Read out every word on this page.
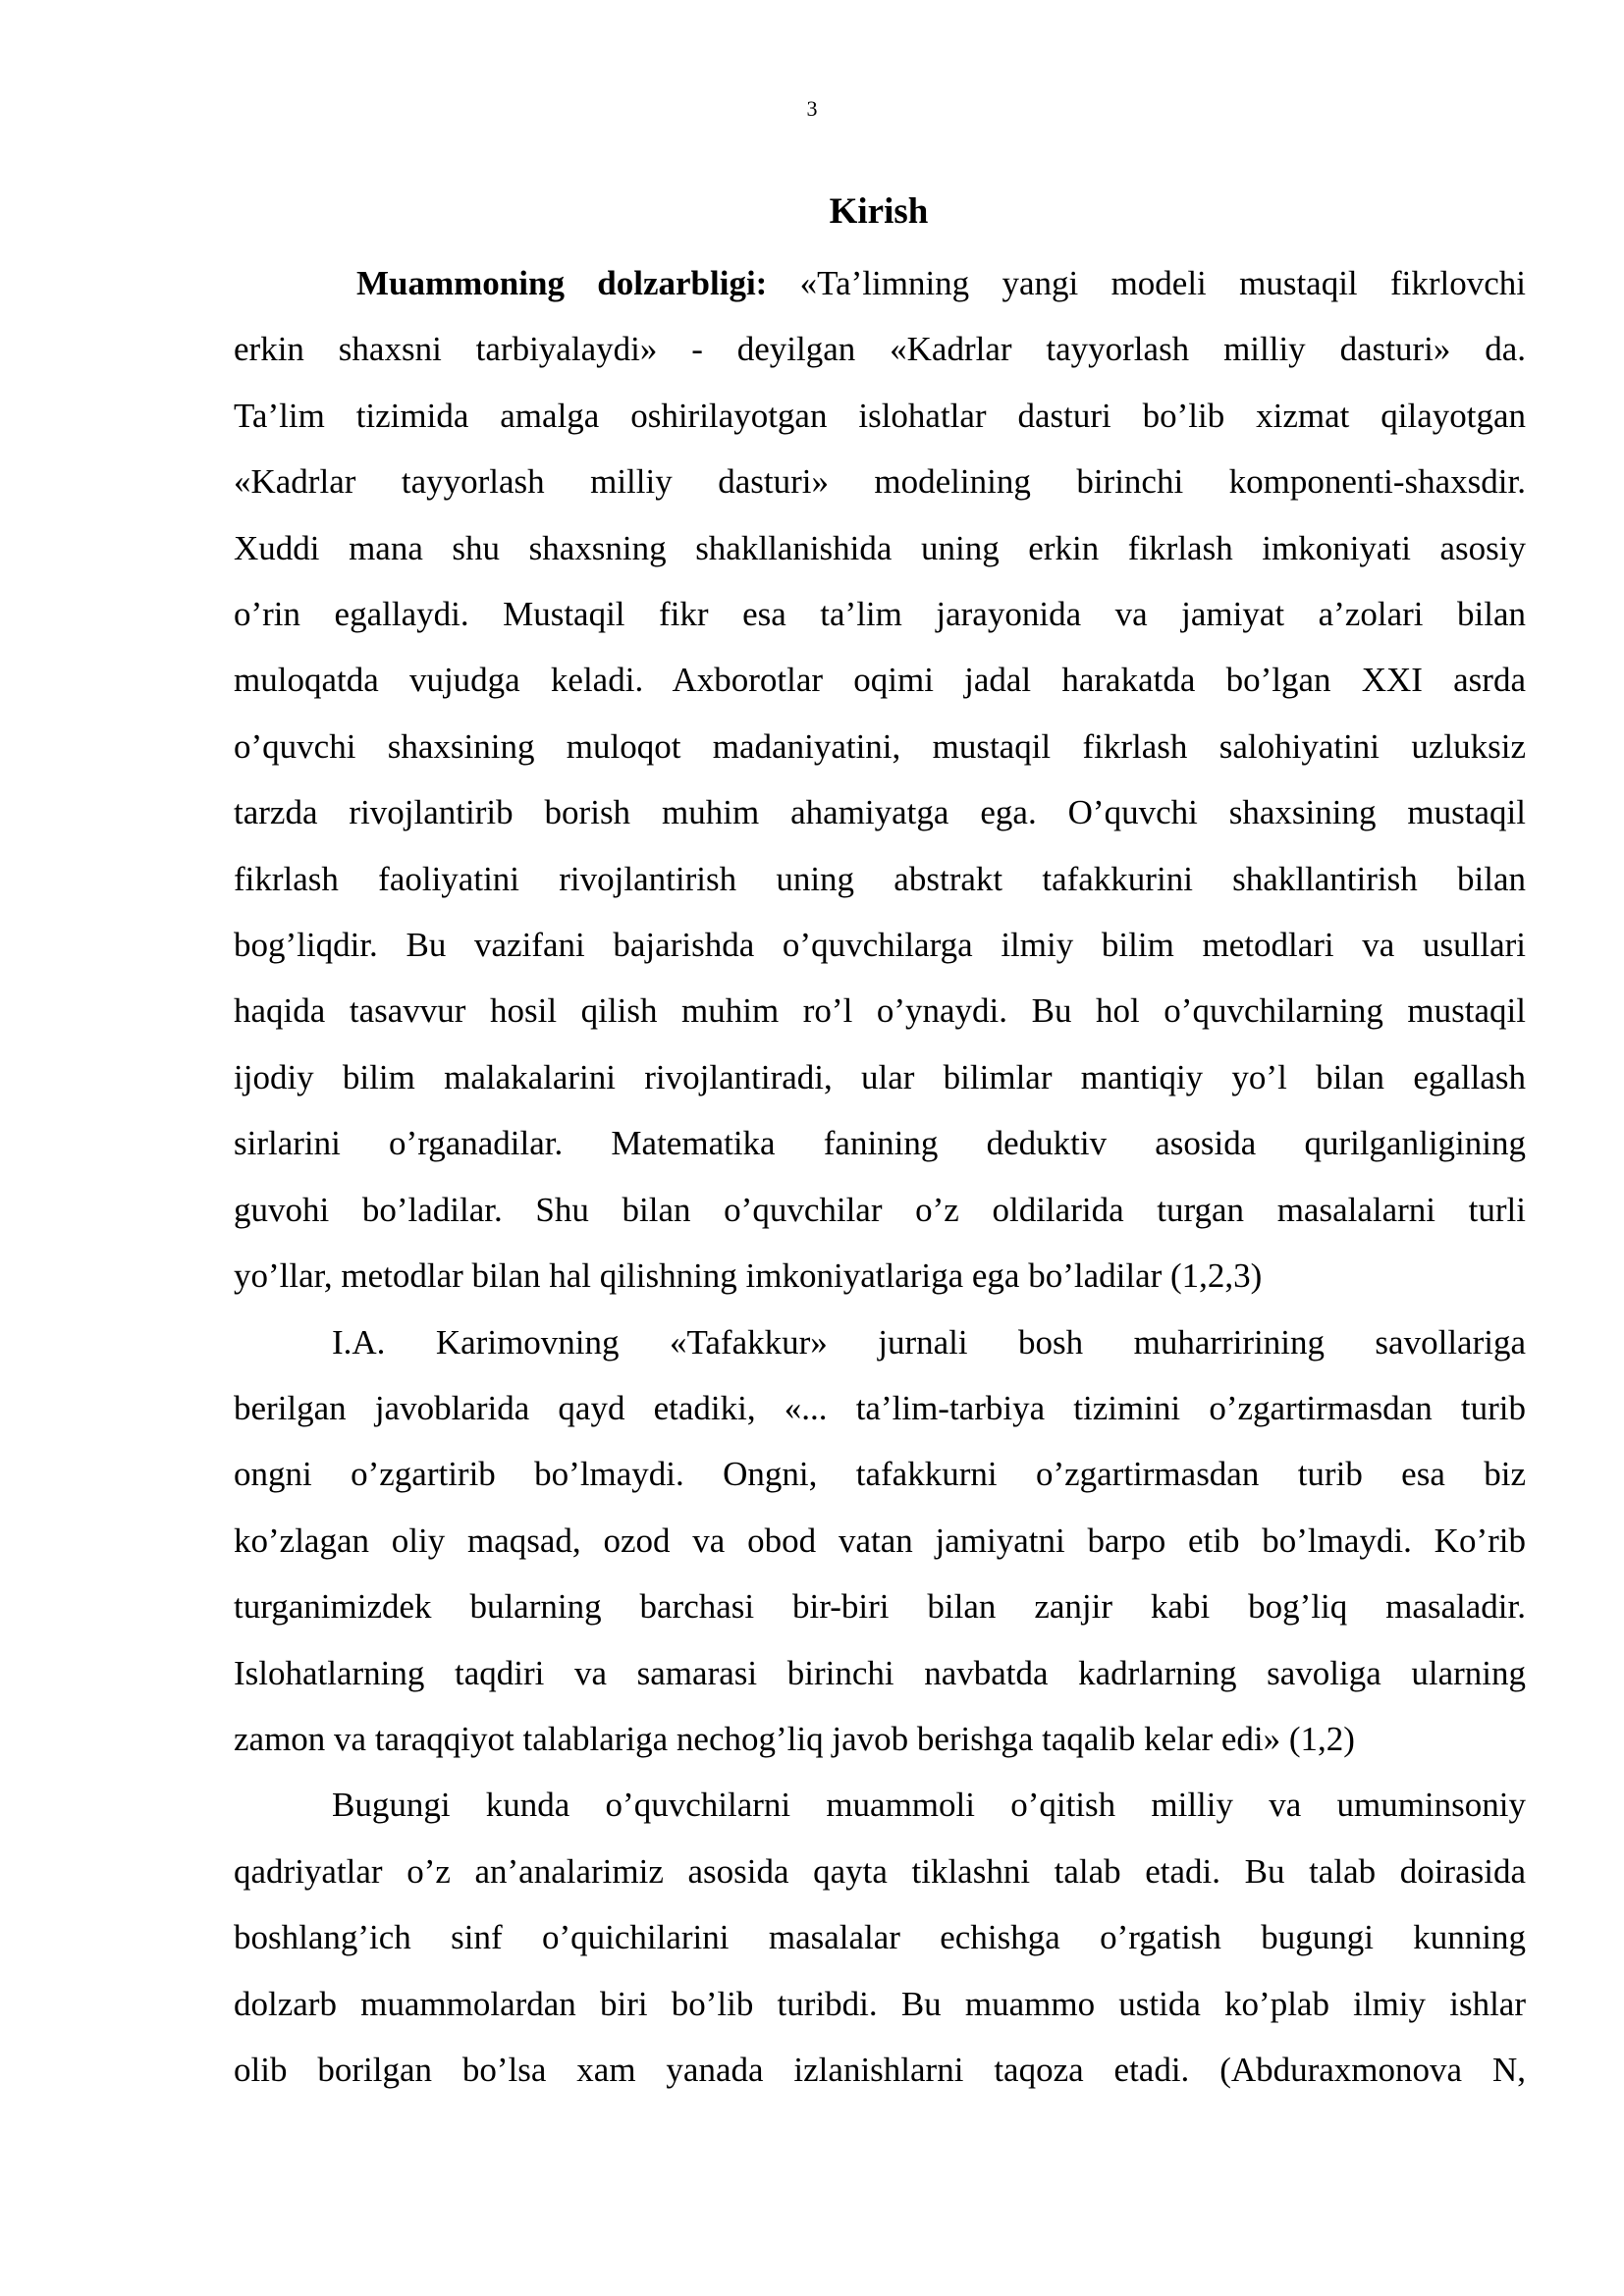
3
Kirish
Muammoning dolzarbligi: «Ta’limning yangi modeli mustaqil fikrlovchi
erkin shaxsni tarbiyalaydi» - deyilgan «Kadrlar tayyorlash milliy dasturi» da.
Ta’lim tizimida amalga oshirilayotgan islohatlar dasturi bo’lib xizmat qilayotgan
«Kadrlar tayyorlash milliy dasturi» modelining birinchi komponenti-shaxsdir.
Xuddi mana shu shaxsning shakllanishida uning erkin fikrlash imkoniyati asosiy
o’rin egallaydi. Mustaqil fikr esa ta’lim jarayonida va jamiyat a’zolari bilan
muloqatda vujudga keladi. Axborotlar oqimi jadal harakatda bo’lgan XXI asrda
o’quvchi shaxsining muloqot madaniyatini, mustaqil fikrlash salohiyatini uzluksiz
tarzda rivojlantirib borish muhim ahamiyatga ega. O’quvchi shaxsining mustaqil
fikrlash faoliyatini rivojlantirish uning abstrakt tafakkurini shakllantirish bilan
bog’liqdir. Bu vazifani bajarishda o’quvchilarga ilmiy bilim metodlari va usullari
haqida tasavvur hosil qilish muhim ro’l o’ynaydi. Bu hol o’quvchilarning mustaqil
ijodiy bilim malakalarini rivojlantiradi, ular bilimlar mantiqiy yo’l bilan egallash
sirlarini o’rganadilar. Matematika fanining deduktiv asosida qurilganligining
guvohi bo’ladilar. Shu bilan o’quvchilar o’z oldilarida turgan masalalarni turli
yo’llar, metodlar bilan hal qilishning imkoniyatlariga ega bo’ladilar (1,2,3)
I.A. Karimovning «Tafakkur» jurnali bosh muharririning savollariga
berilgan javoblarida qayd etadiki, «... ta’lim-tarbiya tizimini o’zgartirmasdan turib
ongni o’zgartirib bo’lmaydi. Ongni, tafakkurni o’zgartirmasdan turib esa biz
ko’zlagan oliy maqsad, ozod va obod vatan jamiyatni barpo etib bo’lmaydi. Ko’rib
turganimizdek bularning barchasi bir-biri bilan zanjir kabi bog’liq masaladir.
Islohatlarning taqdiri va samarasi birinchi navbatda kadrlarning savoliga ularning
zamon va taraqqiyot talablariga nechog’liq javob berishga taqalib kelar edi» (1,2)
Bugungi kunda o’quvchilarni muammoli o’qitish milliy va umuminsoniy
qadriyatlar o’z an’analarimiz asosida qayta tiklashni talab etadi. Bu talab doirasida
boshlang’ich sinf o’quichilarini masalalar echishga o’rgatish bugungi kunning
dolzarb muammolardan biri bo’lib turibdi. Bu muammo ustida ko’plab ilmiy ishlar
olib borilgan bo’lsa xam yanada izlanishlarni taqoza etadi. (Abduraxmonova N,
